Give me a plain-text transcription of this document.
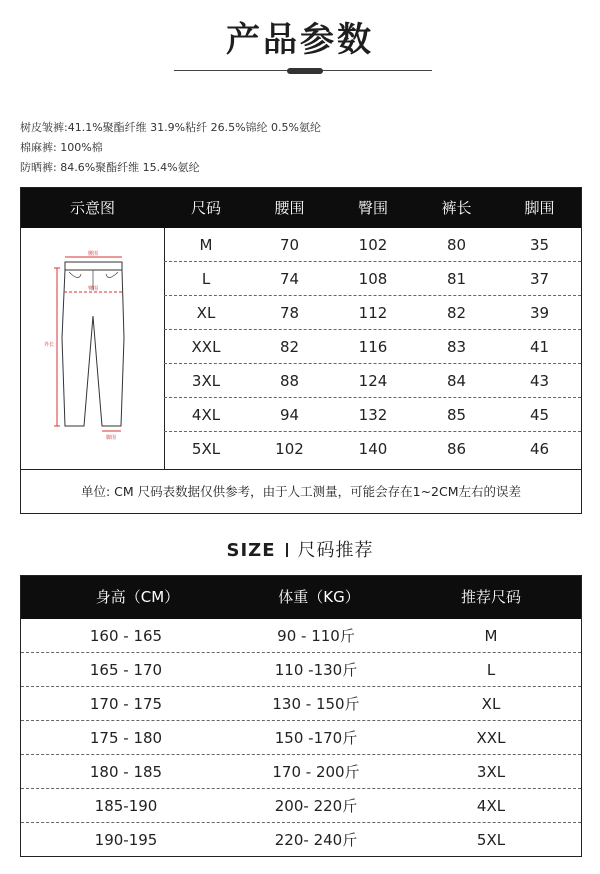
产品参数
树皮皱裤:41.1%聚酯纤维 31.9%粘纤 26.5%锦纶 0.5%氨纶
棉麻裤: 100%棉
防晒裤: 84.6%聚酯纤维 15.4%氨纶
示意图	尺码	腰围	臀围	裤长	脚围
腰围
臀围
外长
脚围
M	70	102	80	35
L	74	108	81	37
XL	78	112	82	39
XXL	82	116	83	41
3XL	88	124	84	43
4XL	94	132	85	45
5XL	102	140	86	46
单位: CM 尺码表数据仅供参考，由于人工测量，可能会存在1~2CM左右的误差
SIZE 尺码推荐
身高（CM）	体重（KG）	推荐尺码
160 - 165	90 - 110斤	M
165 - 170	110 -130斤	L
170 - 175	130 - 150斤	XL
175 - 180	150 -170斤	XXL
180 - 185	170 - 200斤	3XL
185-190	200- 220斤	4XL
190-195	220- 240斤	5XL
